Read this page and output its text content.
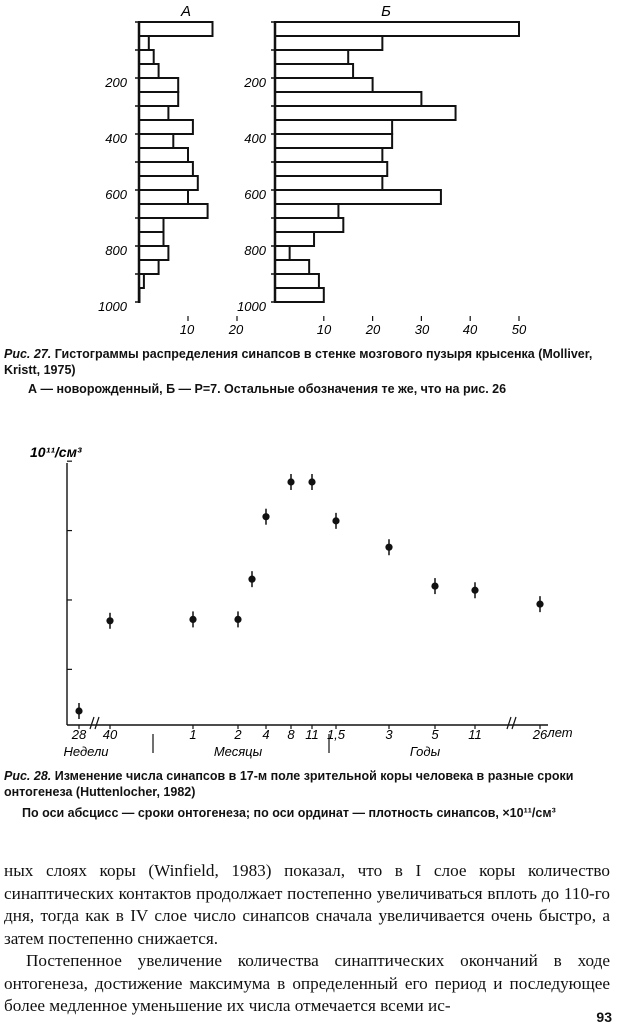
А	Б
200
400
600
800
1000
200
400
600
800
1000
10	20	10	20	30	40	50
Рис. 27. Гистограммы распределения синапсов в стенке мозгового пузыря крысенка (Molliver, Kristt, 1975)
А — новорожденный, Б — Р=7. Остальные обозначения те же, что на рис. 26
10¹¹/см³
28 40	1	2 4 8 11 1,5	3	5 11	26
Недели	Месяцы	Годы
лет
Рис. 28. Изменение числа синапсов в 17-м поле зрительной коры человека в разные сроки онтогенеза (Huttenlocher, 1982)
По оси абсцисс — сроки онтогенеза; по оси ординат — плотность синапсов, ×10¹¹/см³

ных слоях коры (Winfield, 1983) показал, что в I слое коры количество синаптических контактов продолжает постепенно увеличиваться вплоть до 110-го дня, тогда как в IV слое число синапсов сначала увеличивается очень быстро, а затем постепенно снижается.

Постепенное увеличение количества синаптических окончаний в ходе онтогенеза, достижение максимума в определенный его период и последующее более медленное уменьшение их числа отмечается всеми ис-

93
